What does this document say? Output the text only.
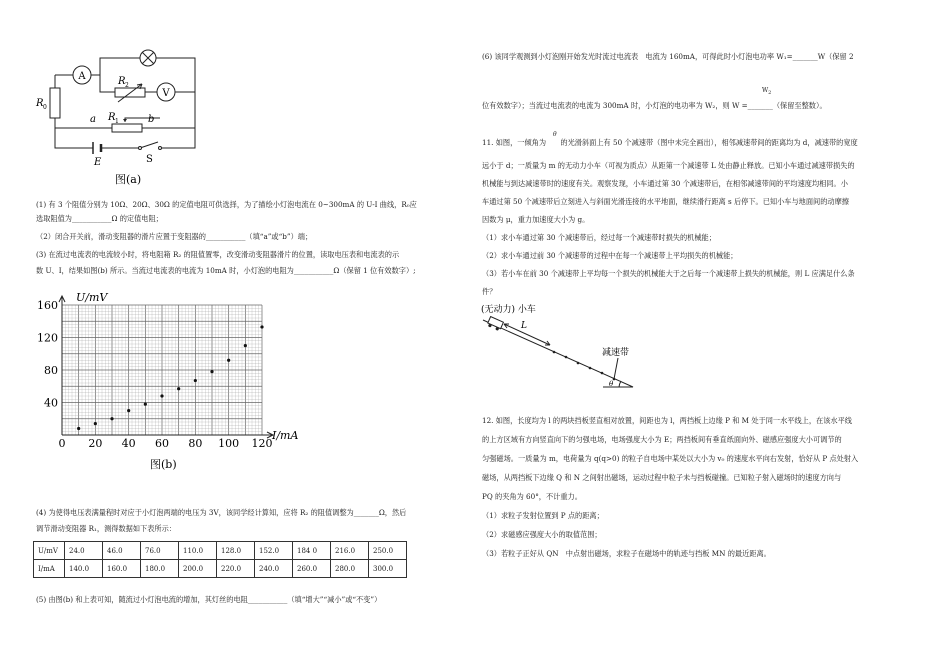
A
V
R 0
R 2
R 1
a	b
E	S
图(a)
(1) 有 3 个阻值分别为 10Ω、20Ω、30Ω 的定值电阻可供选择，为了描绘小灯泡电流在 0~300mA 的 U-I 曲线，R₀应
选取阻值为___________Ω 的定值电阻；
（2）闭合开关前，滑动变阻器的滑片应置于变阻器的___________（填“a”或“b”）端；
(3) 在流过电流表的电流较小时，将电阻箱 R₂ 的阻值置零，改变滑动变阻器滑片的位置，读取电压表和电流表的示
数 U、I，结果如图(b) 所示。当流过电流表的电流为 10mA 时，小灯泡的电阻为___________Ω（保留 1 位有效数字）;
0 20 40 60 80 100 120
40
80
120
160
U/mV
I/mA
图(b)
(4) 为使得电压表满量程时对应于小灯泡两端的电压为 3V，该同学经计算知，应将 R₂ 的阻值调整为_______Ω，然后
调节滑动变阻器 R₁，测得数据如下表所示：
U/mV	24.0	46.0	76.0	110.0	128.0	152.0	184 0	216.0	250.0
I/mA	140.0	160.0	180.0	200.0	220.0	240.0	260.0	280.0	300.0
(5) 由图(b) 和上表可知，随流过小灯泡电流的增加，其灯丝的电阻___________（填“增大”“减小”或“不变”）
(6) 该同学观测到小灯泡刚开始发光时流过电流表　电流为 160mA，可得此时小灯泡电功率 W₁=_______W（保留 2
$W_2$
位有效数字）；当流过电流表的电流为 300mA 时，小灯泡的电功率为 W₂，则 W =_______（保留至整数）。
θ
11. 如图，一倾角为　　的光滑斜面上有 50 个减速带（图中未完全画出），相邻减速带间的距离均为 d，减速带的宽度
远小于 d；一质量为 m 的无动力小车（可视为质点）从距第一个减速带 L 处由静止释放。已知小车通过减速带损失的
机械能与到达减速带时的速度有关。观察发现，小车通过第 30 个减速带后，在相邻减速带间的平均速度均相同。小
车通过第 50 个减速带后立刻进入与斜面光滑连接的水平地面，继续滑行距离 s 后停下。已知小车与地面间的动摩擦
因数为 μ，重力加速度大小为 g。
（1）求小车通过第 30 个减速带后，经过每一个减速带时损失的机械能；
（2）求小车通过前 30 个减速带的过程中在每一个减速带上平均损失的机械能；
（3）若小车在前 30 个减速带上平均每一个损失的机械能大于之后每一个减速带上损失的机械能，则 L 应满足什么条
件？
(无动力) 小车
L
减速带
θ
12. 如图，长度均为 l 的两块挡板竖直相对放置，间距也为 l，两挡板上边缘 P 和 M 处于同一水平线上，在该水平线
的上方区域有方向竖直向下的匀强电场，电场强度大小为 E；两挡板间有垂直纸面向外、磁感应强度大小可调节的
匀强磁场。一质量为 m，电荷量为 q(q>0) 的粒子自电场中某处以大小为 v₀ 的速度水平向右发射，恰好从 P 点处射入
磁场，从两挡板下边缘 Q 和 N 之间射出磁场，运动过程中粒子未与挡板碰撞。已知粒子射入磁场时的速度方向与
PQ 的夹角为 60°，不计重力。
（1）求粒子发射位置到 P 点的距离；
（2）求磁感应强度大小的取值范围；
（3）若粒子正好从 QN　中点射出磁场，求粒子在磁场中的轨迹与挡板 MN 的最近距离。
